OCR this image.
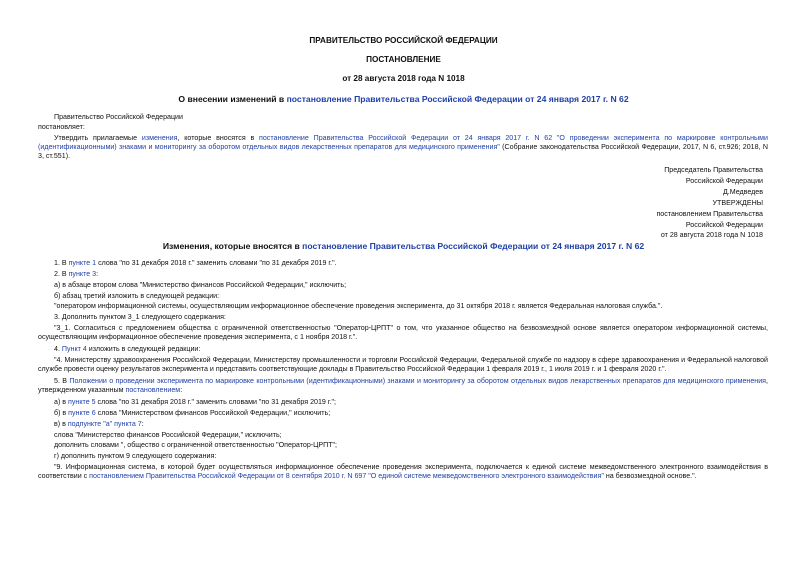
ПРАВИТЕЛЬСТВО РОССИЙСКОЙ ФЕДЕРАЦИИ
ПОСТАНОВЛЕНИЕ
от 28 августа 2018 года N 1018
О внесении изменений в постановление Правительства Российской Федерации от 24 января 2017 г. N 62
Правительство Российской Федерации
постановляет:
Утвердить прилагаемые изменения, которые вносятся в постановление Правительства Российской Федерации от 24 января 2017 г. N 62 "О проведении эксперимента по маркировке контрольными (идентификационными) знаками и мониторингу за оборотом отдельных видов лекарственных препаратов для медицинского применения" (Собрание законодательства Российской Федерации, 2017, N 6, ст.926; 2018, N 3, ст.551).
Председатель Правительства
Российской Федерации
Д.Медведев
УТВЕРЖДЕНЫ
постановлением Правительства
Российской Федерации
от 28 августа 2018 года N 1018
Изменения, которые вносятся в постановление Правительства Российской Федерации от 24 января 2017 г. N 62
1. В пункте 1 слова "по 31 декабря 2018 г." заменить словами "по 31 декабря 2019 г.".
2. В пункте 3:
а) в абзаце втором слова "Министерство финансов Российской Федерации," исключить;
б) абзац третий изложить в следующей редакции:
"оператором информационной системы, осуществляющим информационное обеспечение проведения эксперимента, до 31 октября 2018 г. является Федеральная налоговая служба.".
3. Дополнить пунктом 3_1 следующего содержания:
"3_1. Согласиться с предложением общества с ограниченной ответственностью "Оператор-ЦРПТ" о том, что указанное общество на безвозмездной основе является оператором информационной системы, осуществляющим информационное обеспечение проведения эксперимента, с 1 ноября 2018 г.".
4. Пункт 4 изложить в следующей редакции:
"4. Министерству здравоохранения Российской Федерации, Министерству промышленности и торговли Российской Федерации, Федеральной службе по надзору в сфере здравоохранения и Федеральной налоговой службе провести оценку результатов эксперимента и представить соответствующие доклады в Правительство Российской Федерации 1 февраля 2019 г., 1 июля 2019 г. и 1 февраля 2020 г.".
5. В Положении о проведении эксперимента по маркировке контрольными (идентификационными) знаками и мониторингу за оборотом отдельных видов лекарственных препаратов для медицинского применения, утвержденном указанным постановлением:
а) в пункте 5 слова "по 31 декабря 2018 г." заменить словами "по 31 декабря 2019 г.";
б) в пункте 6 слова "Министерством финансов Российской Федерации," исключить;
в) в подпункте "а" пункта 7:
слова "Министерство финансов Российской Федерации," исключить;
дополнить словами ", общество с ограниченной ответственностью "Оператор-ЦРПТ";
г) дополнить пунктом 9 следующего содержания:
"9. Информационная система, в которой будет осуществляться информационное обеспечение проведения эксперимента, подключается к единой системе межведомственного электронного взаимодействия в соответствии с постановлением Правительства Российской Федерации от 8 сентября 2010 г. N 697 "О единой системе межведомственного электронного взаимодействия" на безвозмездной основе.".
